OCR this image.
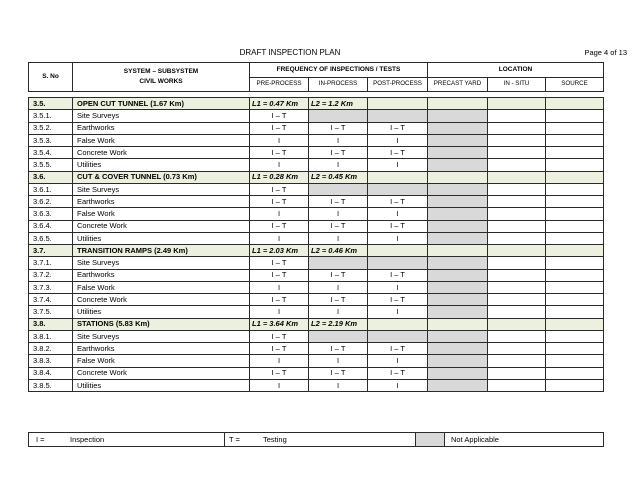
DRAFT INSPECTION PLAN	Page 4 of 13
S. No
SYSTEM – SUBSYSTEM
CIVIL WORKS
FREQUENCY OF INSPECTIONS / TESTS	LOCATION
PRE-PROCESS	IN-PROCESS	POST-PROCESS	PRECAST YARD	IN - SITU	SOURCE
3.5.	OPEN CUT TUNNEL (1.67 Km)	L1 = 0.47 Km	L2 = 1.2 Km
3.5.1.	Site Surveys	I – T
3.5.2.	Earthworks	I – T	I – T	I – T
3.5.3.	False Work	I	I	I
3.5.4.	Concrete Work	I – T	I – T	I – T
3.5.5.	Utilities	I	I	I
3.6.	CUT & COVER TUNNEL (0.73 Km)	L1 = 0.28 Km	L2 = 0.45 Km
3.6.1.	Site Surveys	I – T
3.6.2.	Earthworks	I – T	I – T	I – T
3.6.3.	False Work	I	I	I
3.6.4.	Concrete Work	I – T	I – T	I – T
3.6.5.	Utilities	I	I	I
3.7.	TRANSITION RAMPS (2.49 Km)	L1 = 2.03 Km	L2 = 0.46 Km
3.7.1.	Site Surveys	I – T
3.7.2.	Earthworks	I – T	I – T	I – T
3.7.3.	False Work	I	I	I
3.7.4.	Concrete Work	I – T	I – T	I – T
3.7.5.	Utilities	I	I	I
3.8.	STATIONS (5.83 Km)	L1 = 3.64 Km	L2 = 2.19 Km
3.8.1.	Site Surveys	I – T
3.8.2.	Earthworks	I – T	I – T	I – T
3.8.3.	False Work	I	I	I
3.8.4.	Concrete Work	I – T	I – T	I – T
3.8.5.	Utilities	I	I	I
I =	Inspection	T =	Testing	Not Applicable
